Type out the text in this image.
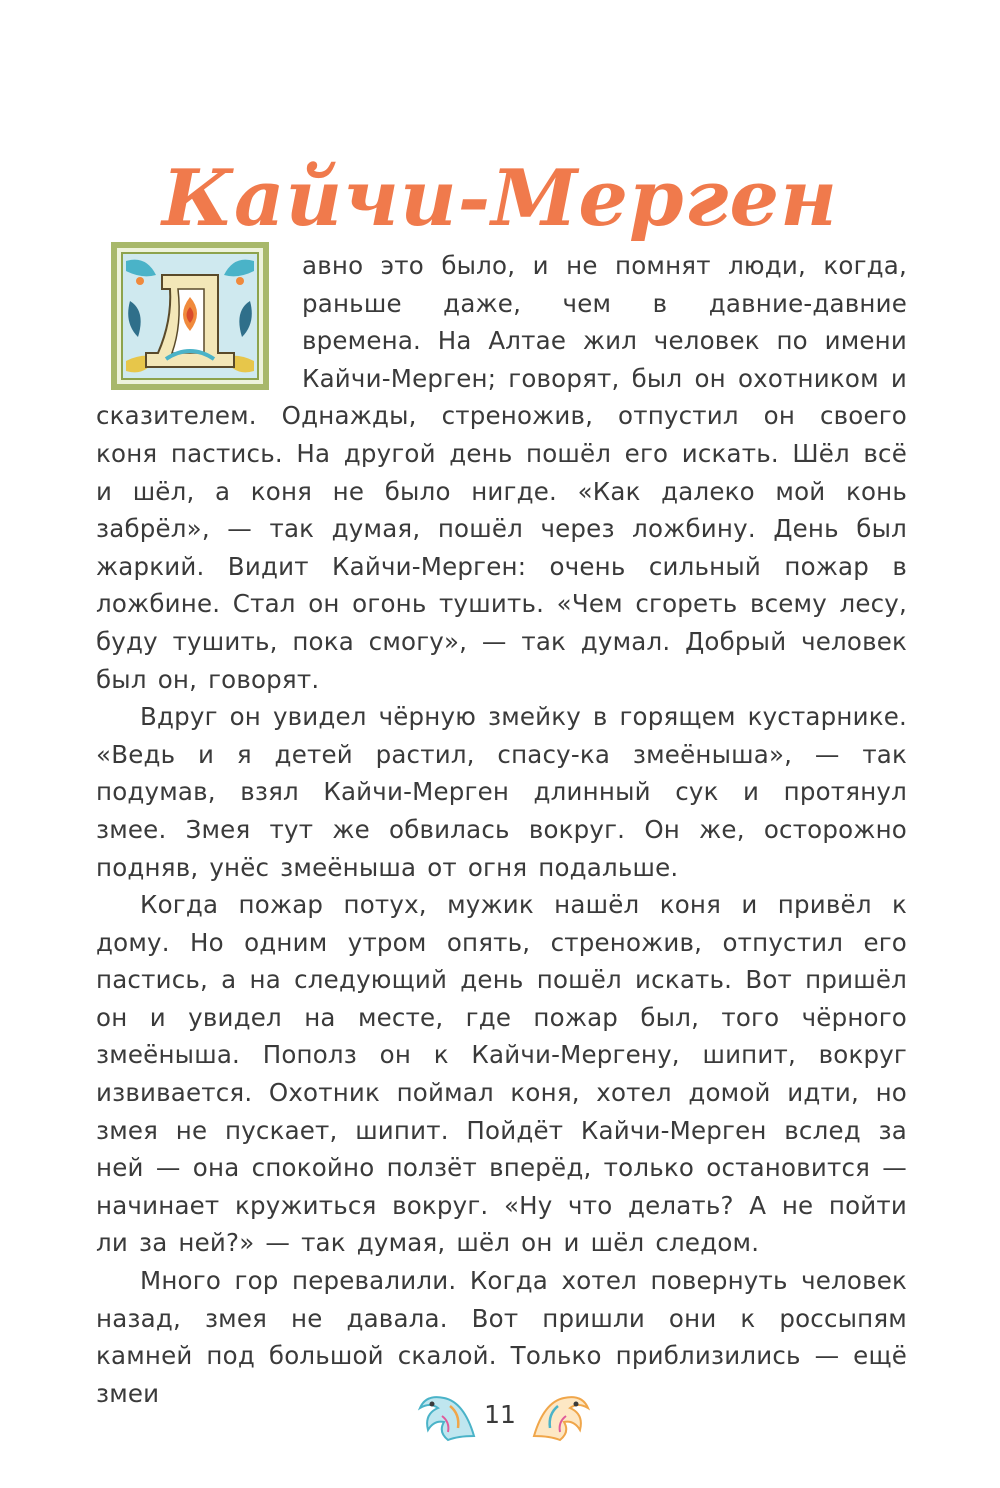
Кайчи-Мерген

авно это было, и не помнят люди, когда, раньше даже, чем в давние-давние времена. На Алтае жил человек по имени Кайчи-Мерген; говорят, был он охотником и сказителем. Однажды, стреножив, отпустил он своего коня пастись. На другой день пошёл его искать. Шёл всё и шёл, а коня не было нигде. «Как далеко мой конь забрёл», — так думая, пошёл через ложбину. День был жаркий. Видит Кайчи-Мерген: очень сильный пожар в ложбине. Стал он огонь тушить. «Чем сгореть всему лесу, буду тушить, пока смогу», — так думал. Добрый человек был он, говорят.

Вдруг он увидел чёрную змейку в горящем кустарнике. «Ведь и я детей растил, спасу-ка змеёныша», — так подумав, взял Кайчи-Мерген длинный сук и протянул змее. Змея тут же обвилась вокруг. Он же, осторожно подняв, унёс змеёныша от огня подальше.

Когда пожар потух, мужик нашёл коня и привёл к дому. Но одним утром опять, стреножив, отпустил его пастись, а на следующий день пошёл искать. Вот пришёл он и увидел на месте, где пожар был, того чёрного змеёныша. Пополз он к Кайчи-Мергену, шипит, вокруг извивается. Охотник поймал коня, хотел домой идти, но змея не пускает, шипит. Пойдёт Кайчи-Мерген вслед за ней — она спокойно ползёт вперёд, только остановится — начинает кружиться вокруг. «Ну что делать? А не пойти ли за ней?» — так думая, шёл он и шёл следом.

Много гор перевалили. Когда хотел повернуть человек назад, змея не давала. Вот пришли они к россыпям камней под большой скалой. Только приблизились — ещё змеи

11
